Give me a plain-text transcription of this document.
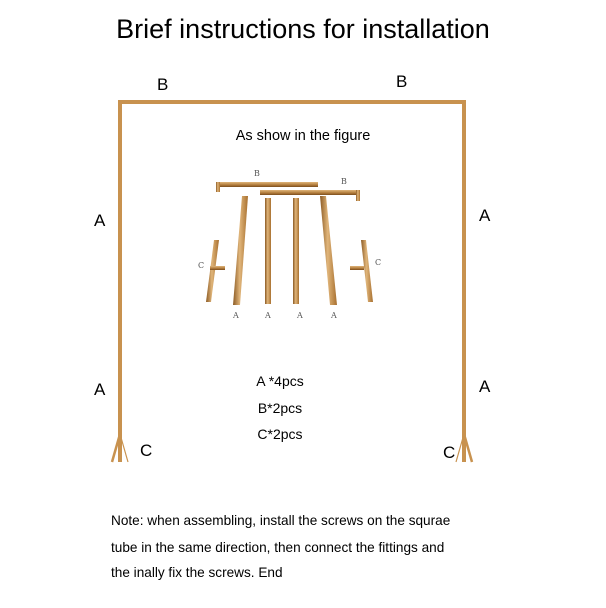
Brief instructions for installation
B
B
A	A	A	A
C	C
As show in the figure
B	B
A
A
A
A
C	C
A *4pcs
B*2pcs
C*2pcs
Note: when assembling, install the screws on the squrae
tube in the same direction, then connect the fittings and
the inally fix the screws. End
